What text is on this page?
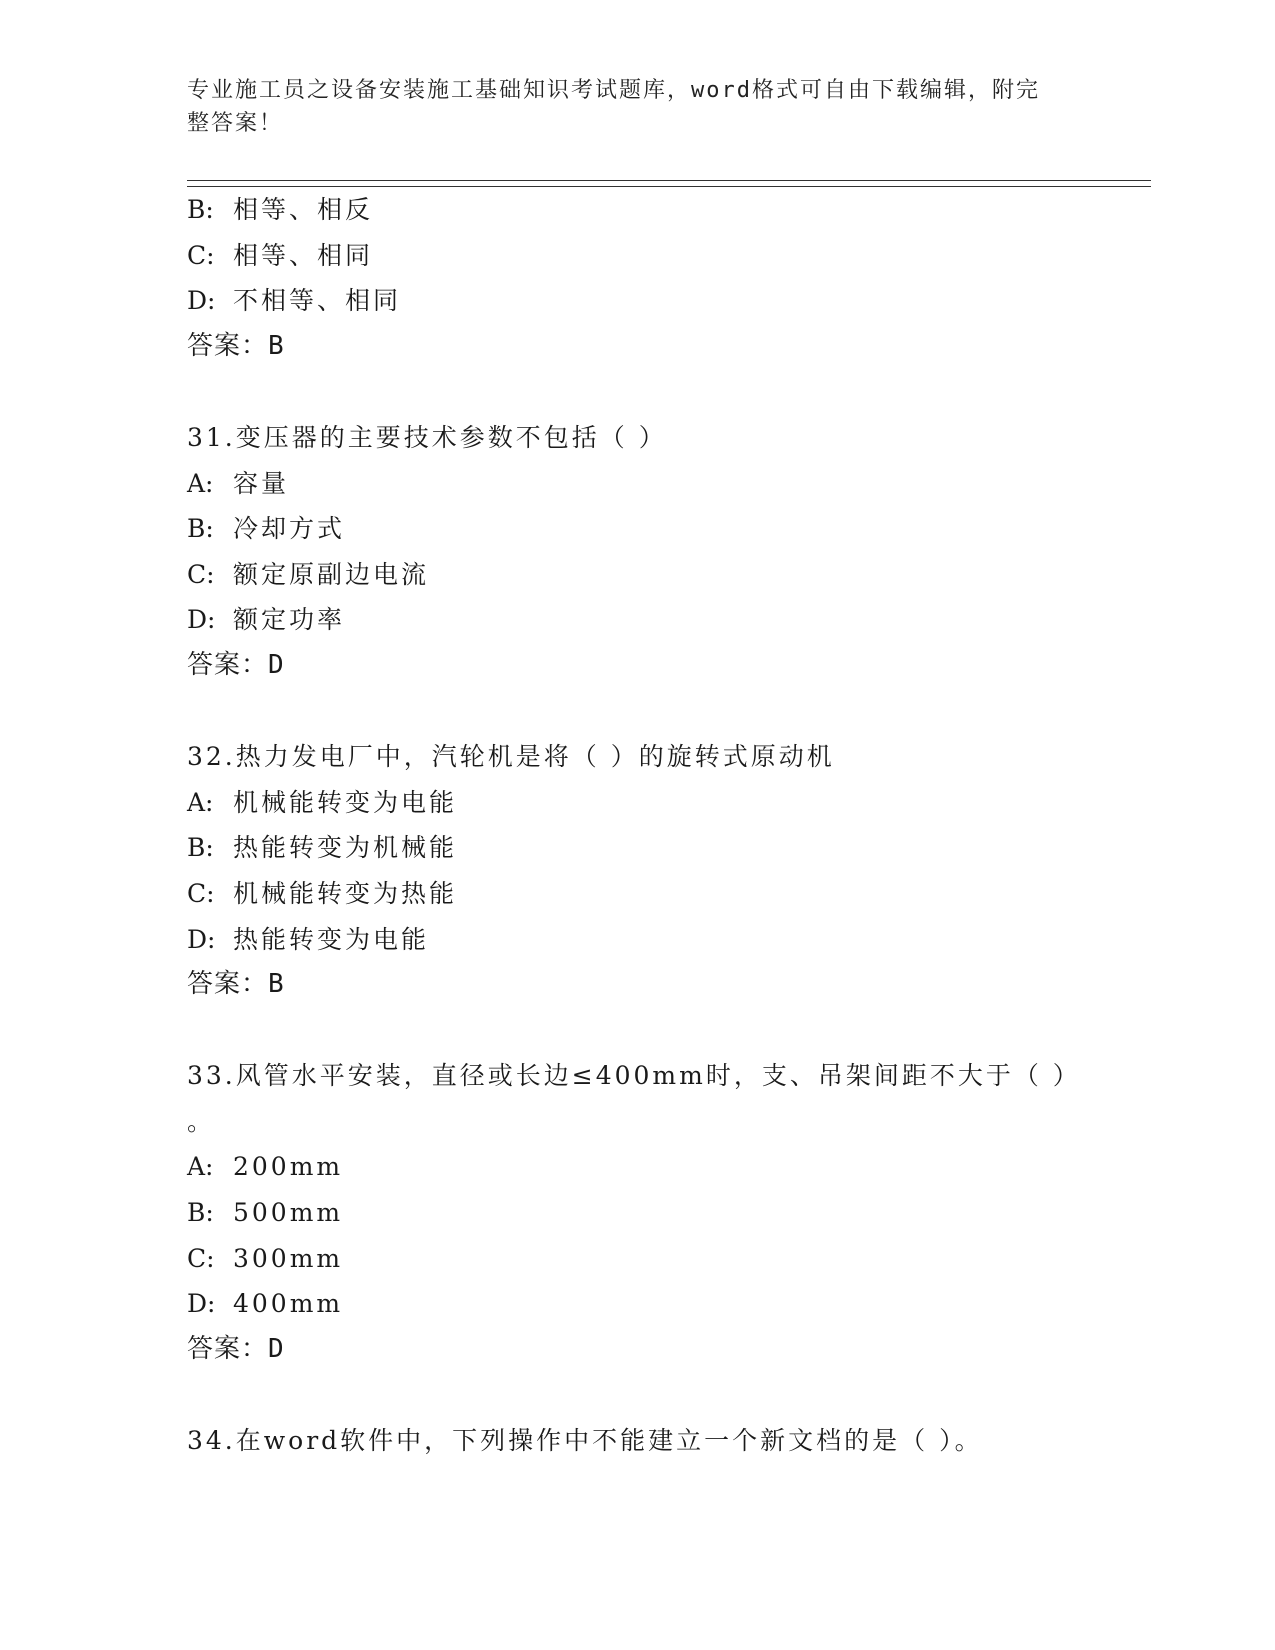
专业施工员之设备安装施工基础知识考试题库，word格式可自由下载编辑，附完
整答案！
B: 相等、相反
C: 相等、相同
D: 不相等、相同
答案：B
31.变压器的主要技术参数不包括（ ）
A: 容量
B: 冷却方式
C: 额定原副边电流
D: 额定功率
答案：D
32.热力发电厂中，汽轮机是将（ ）的旋转式原动机
A: 机械能转变为电能
B: 热能转变为机械能
C: 机械能转变为热能
D: 热能转变为电能
答案：B
33.风管水平安装，直径或长边≤400mm时，支、吊架间距不大于（ ）
。
A: 200mm
B: 500mm
C: 300mm
D: 400mm
答案：D
34.在word软件中，下列操作中不能建立一个新文档的是（ ）。
